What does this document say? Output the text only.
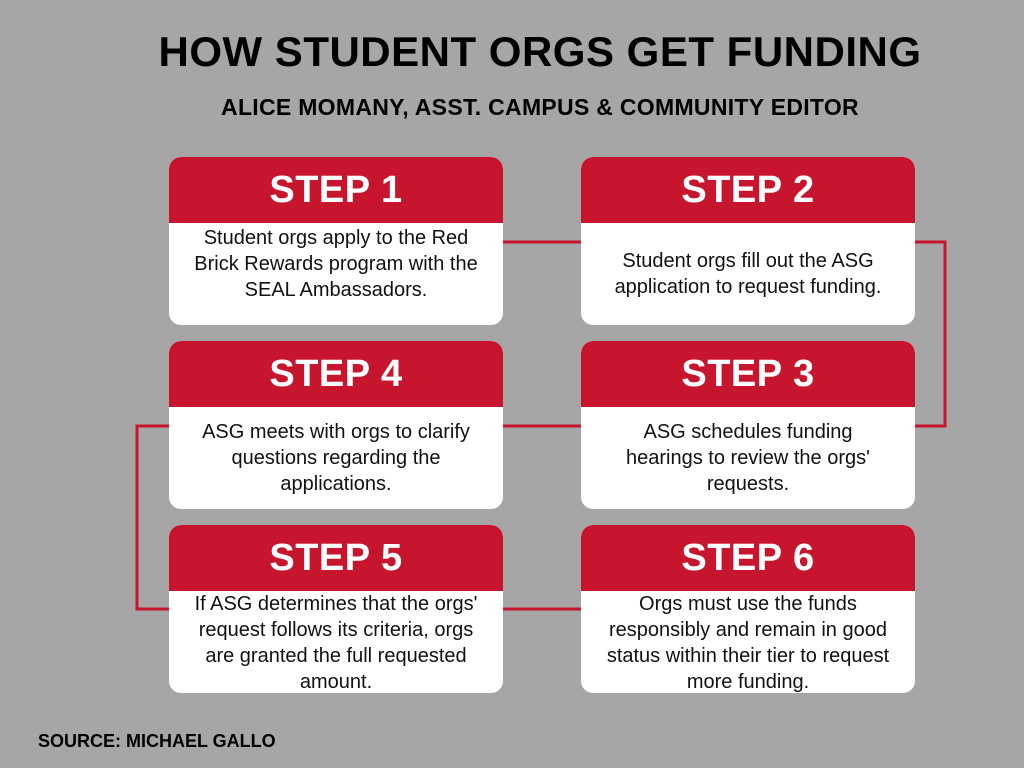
HOW STUDENT ORGS GET FUNDING
ALICE MOMANY, ASST. CAMPUS & COMMUNITY EDITOR
STEP 1
Student orgs apply to the Red Brick Rewards program with the SEAL Ambassadors.
STEP 2
Student orgs fill out the ASG application to request funding.
STEP 4
ASG meets with orgs to clarify questions regarding the applications.
STEP 3
ASG schedules funding hearings to review the orgs' requests.
STEP 5
If ASG determines that the orgs' request follows its criteria, orgs are granted the full requested amount.
STEP 6
Orgs must use the funds responsibly and remain in good status within their tier to request more funding.
SOURCE: MICHAEL GALLO
